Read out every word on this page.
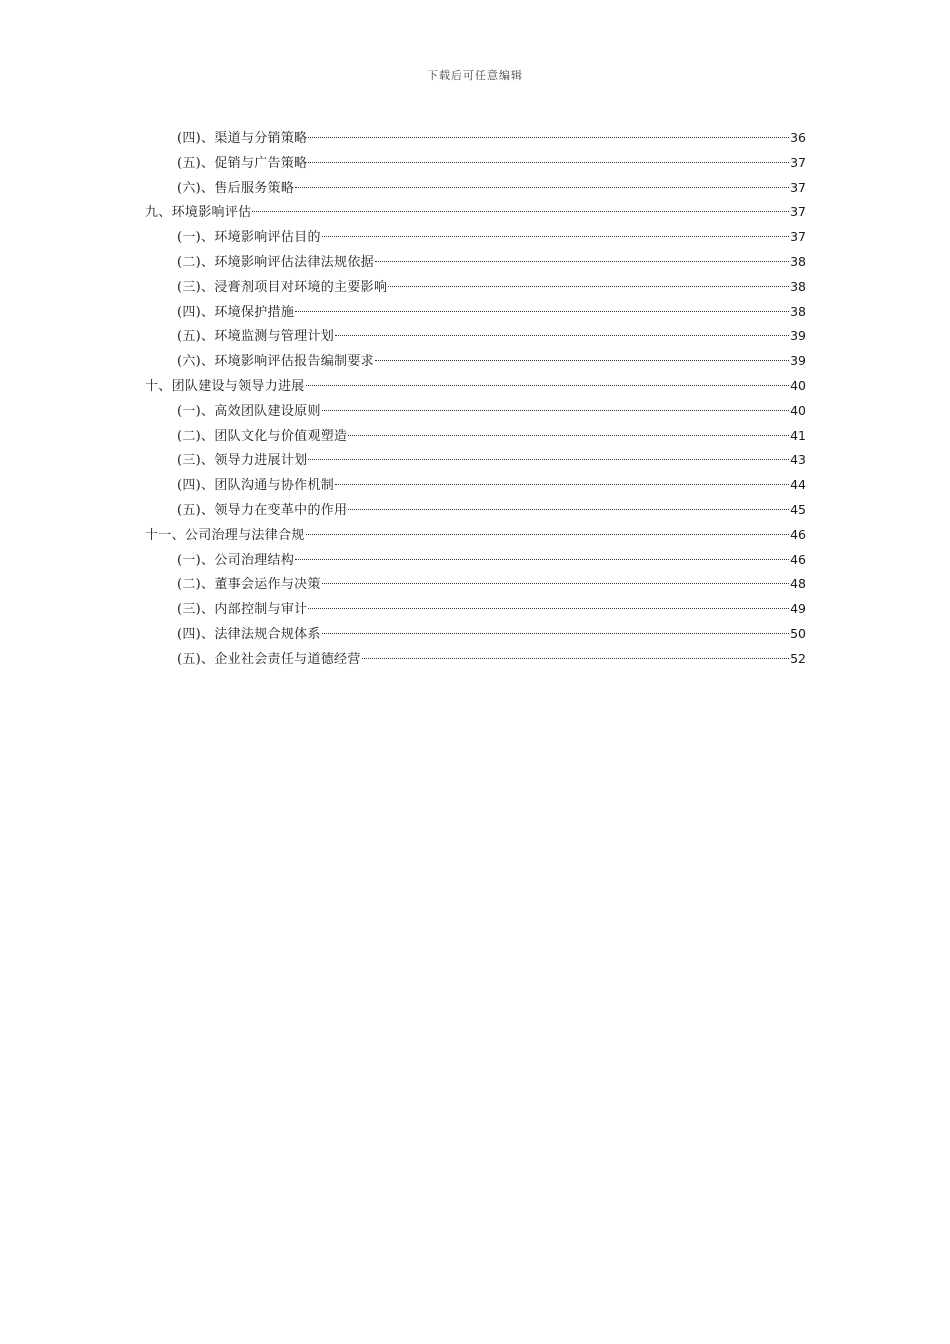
下载后可任意编辑
(四)、渠道与分销策略	36
(五)、促销与广告策略	37
(六)、售后服务策略	37
九、环境影响评估	37
(一)、环境影响评估目的	37
(二)、环境影响评估法律法规依据	38
(三)、浸膏剂项目对环境的主要影响	38
(四)、环境保护措施	38
(五)、环境监测与管理计划	39
(六)、环境影响评估报告编制要求	39
十、团队建设与领导力进展	40
(一)、高效团队建设原则	40
(二)、团队文化与价值观塑造	41
(三)、领导力进展计划	43
(四)、团队沟通与协作机制	44
(五)、领导力在变革中的作用	45
十一、公司治理与法律合规	46
(一)、公司治理结构	46
(二)、董事会运作与决策	48
(三)、内部控制与审计	49
(四)、法律法规合规体系	50
(五)、企业社会责任与道德经营	52
